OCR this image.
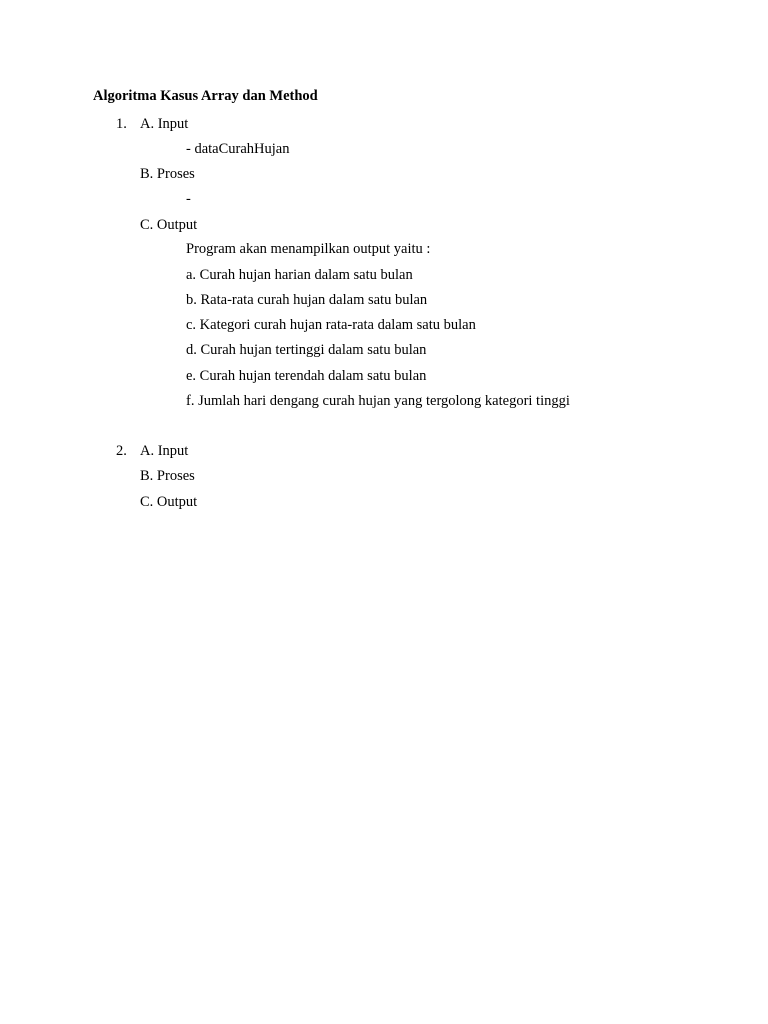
Algoritma Kasus Array dan Method
1. A. Input
- dataCurahHujan
B. Proses
-
C. Output
Program akan menampilkan output yaitu :
a. Curah hujan harian dalam satu bulan
b. Rata-rata curah hujan dalam satu bulan
c. Kategori curah hujan rata-rata dalam satu bulan
d. Curah hujan tertinggi dalam satu bulan
e. Curah hujan terendah dalam satu bulan
f. Jumlah hari dengang curah hujan yang tergolong kategori tinggi
2. A. Input
B. Proses
C. Output
